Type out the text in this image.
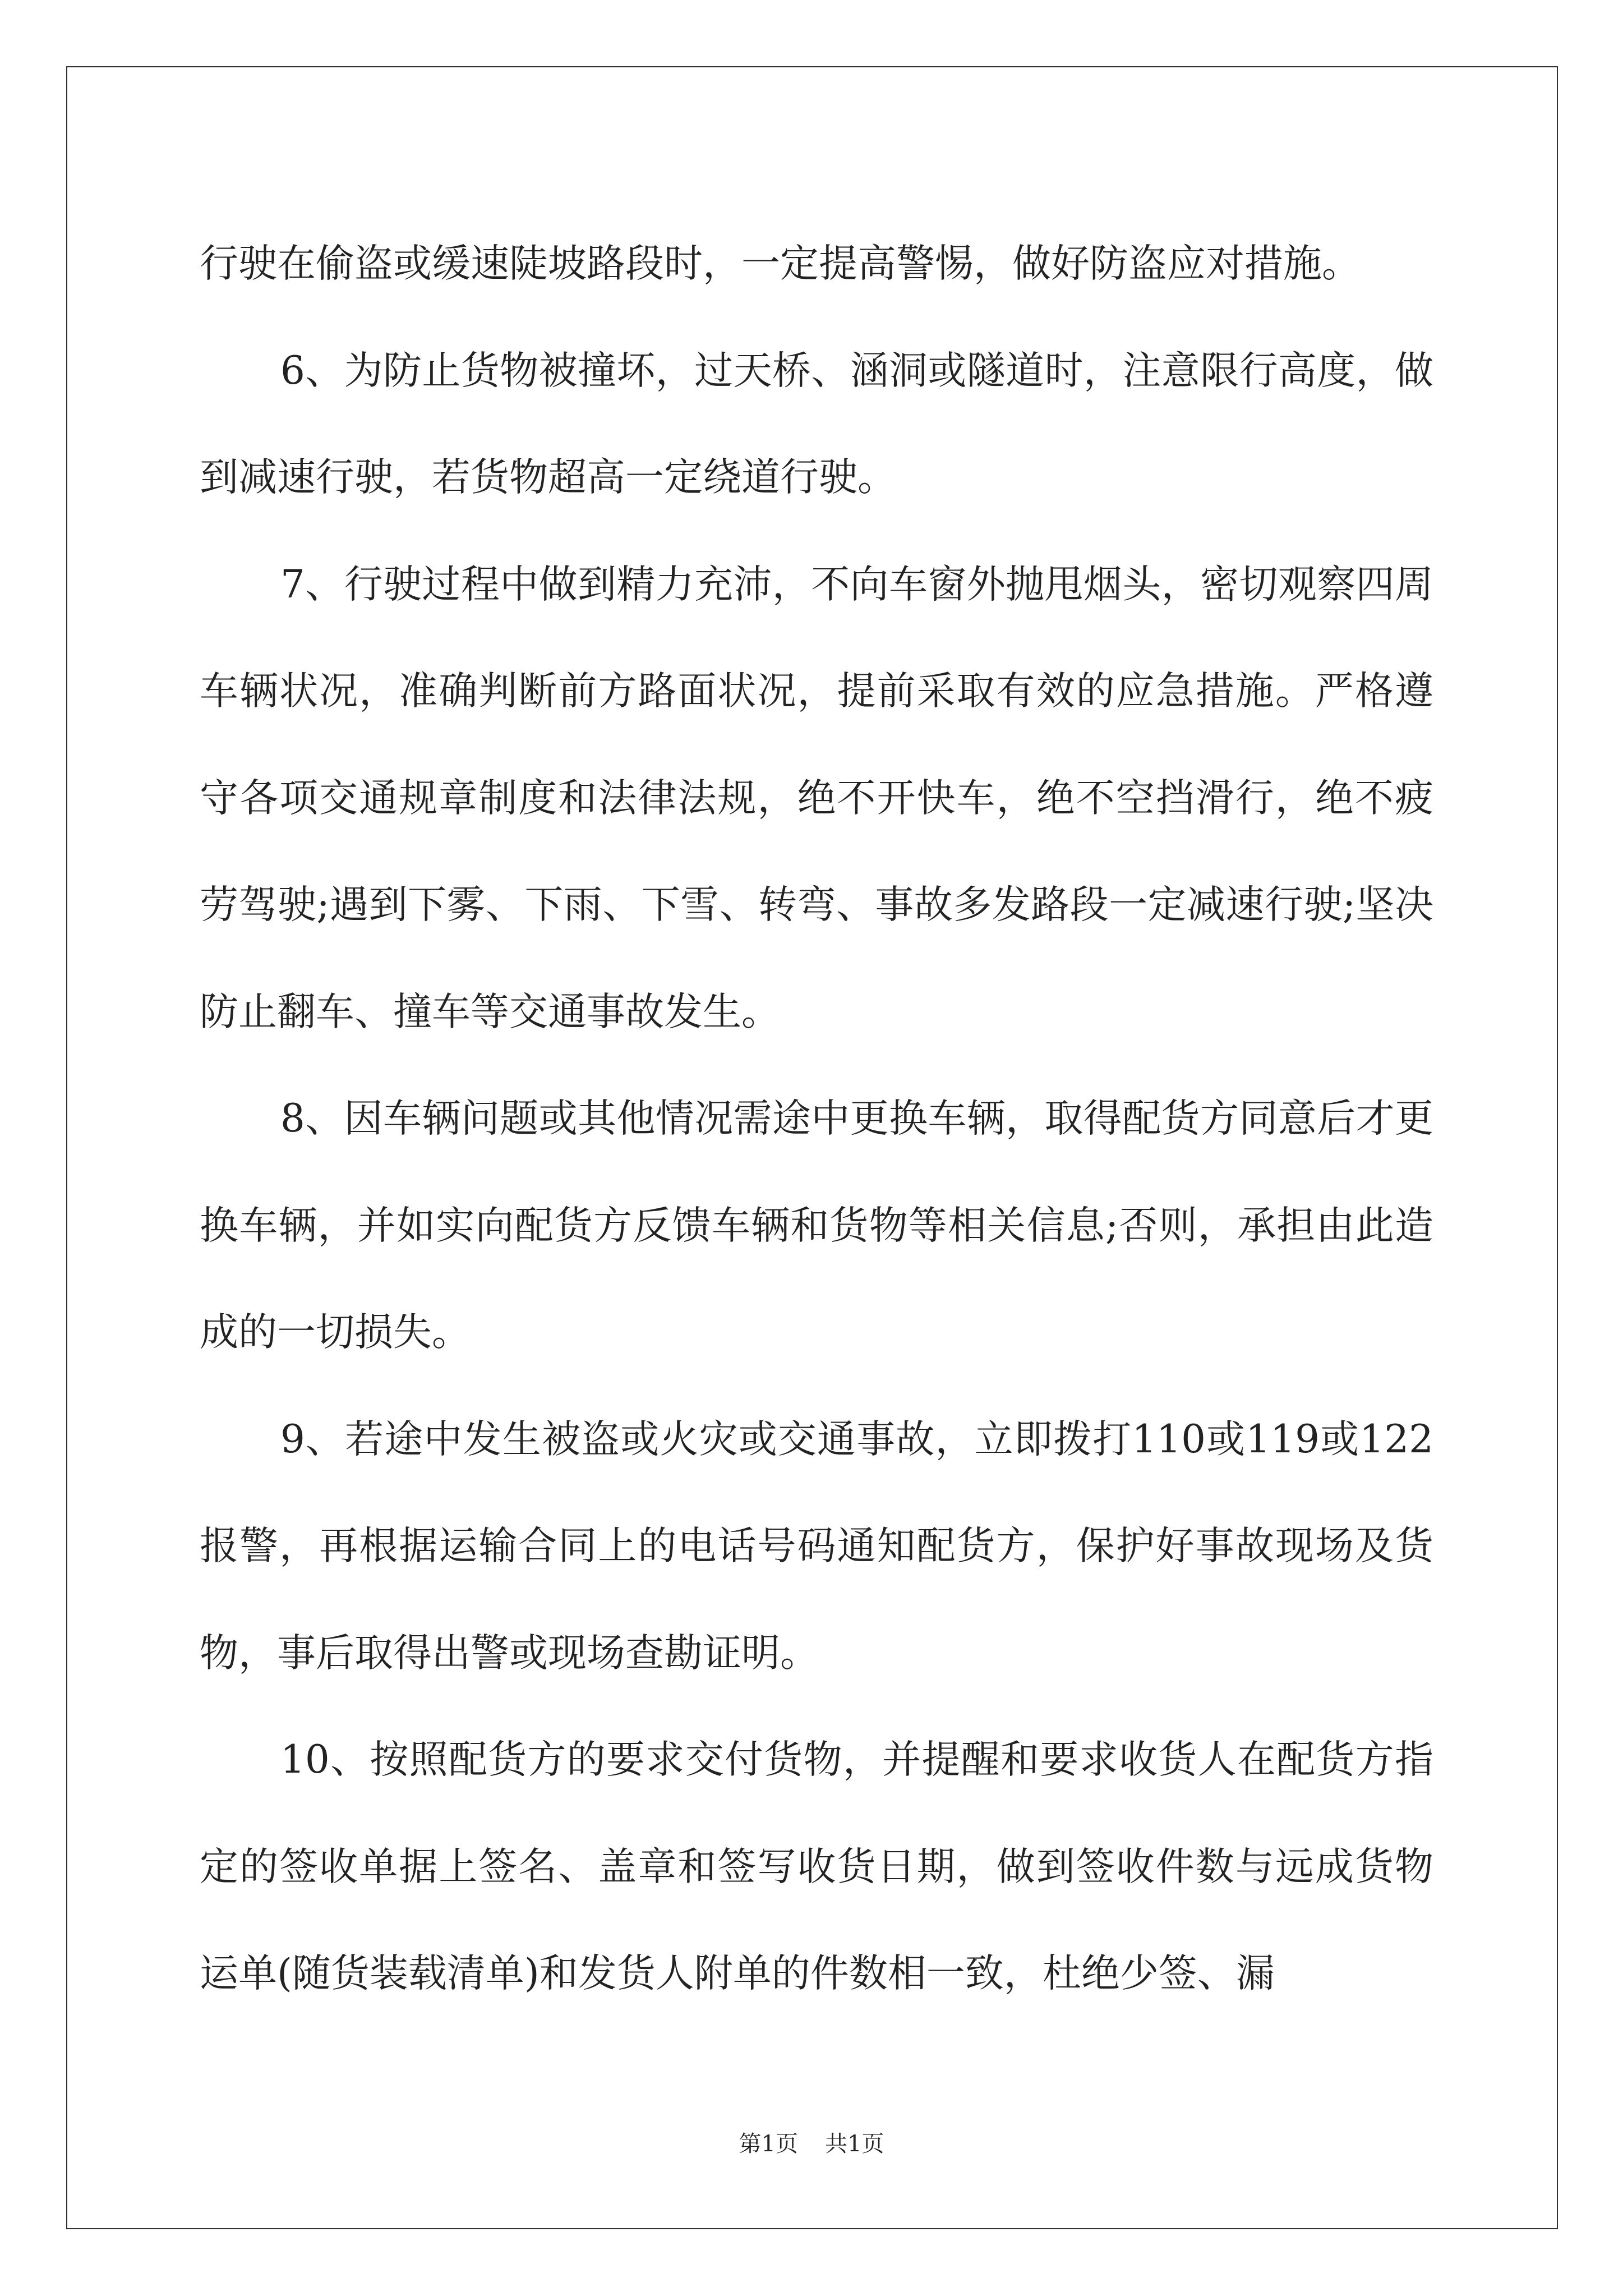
行驶在偷盗或缓速陡坡路段时，一定提高警惕，做好防盗应对措施。

6、为防止货物被撞坏，过天桥、涵洞或隧道时，注意限行高度，做到减速行驶，若货物超高一定绕道行驶。

7、行驶过程中做到精力充沛，不向车窗外抛甩烟头，密切观察四周车辆状况，准确判断前方路面状况，提前采取有效的应急措施。严格遵守各项交通规章制度和法律法规，绝不开快车，绝不空挡滑行，绝不疲劳驾驶;遇到下雾、下雨、下雪、转弯、事故多发路段一定减速行驶;坚决防止翻车、撞车等交通事故发生。

8、因车辆问题或其他情况需途中更换车辆，取得配货方同意后才更换车辆，并如实向配货方反馈车辆和货物等相关信息;否则，承担由此造成的一切损失。

9、若途中发生被盗或火灾或交通事故，立即拨打110或119或122报警，再根据运输合同上的电话号码通知配货方，保护好事故现场及货物，事后取得出警或现场查勘证明。

10、按照配货方的要求交付货物，并提醒和要求收货人在配货方指定的签收单据上签名、盖章和签写收货日期，做到签收件数与远成货物运单(随货装载清单)和发货人附单的件数相一致，杜绝少签、漏

第1页 共1页
